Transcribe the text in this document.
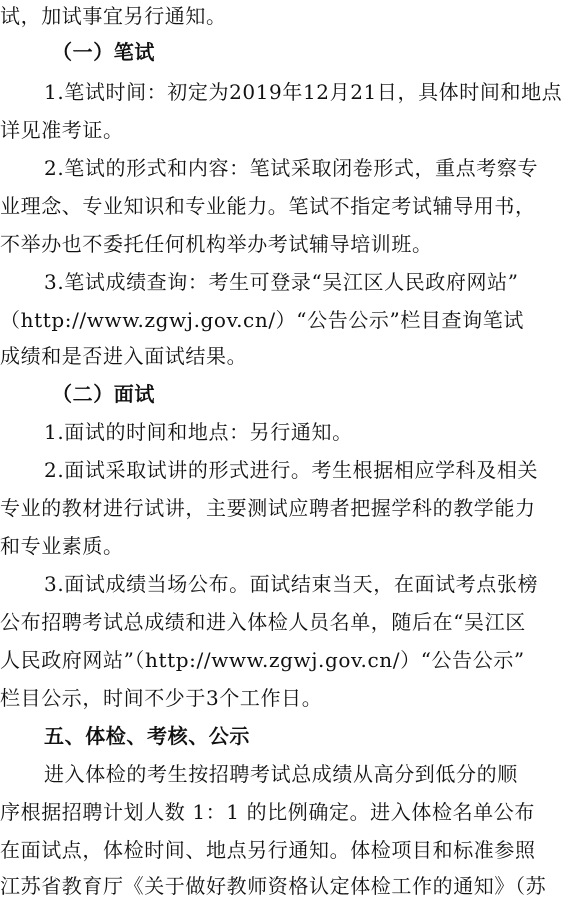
试，加试事宜另行通知。
（一）笔试
1.笔试时间：初定为2019年12月21日，具体时间和地点
详见准考证。
2.笔试的形式和内容：笔试采取闭卷形式，重点考察专
业理念、专业知识和专业能力。笔试不指定考试辅导用书，
不举办也不委托任何机构举办考试辅导培训班。
3.笔试成绩查询：考生可登录“吴江区人民政府网站”
（http://www.zgwj.gov.cn/）“公告公示”栏目查询笔试
成绩和是否进入面试结果。
（二）面试
1.面试的时间和地点：另行通知。
2.面试采取试讲的形式进行。考生根据相应学科及相关
专业的教材进行试讲，主要测试应聘者把握学科的教学能力
和专业素质。
3.面试成绩当场公布。面试结束当天，在面试考点张榜
公布招聘考试总成绩和进入体检人员名单，随后在“吴江区
人民政府网站”（http://www.zgwj.gov.cn/）“公告公示”
栏目公示，时间不少于3个工作日。
五、体检、考核、公示
进入体检的考生按招聘考试总成绩从高分到低分的顺
序根据招聘计划人数 1：1 的比例确定。进入体检名单公布
在面试点，体检时间、地点另行通知。体检项目和标准参照
江苏省教育厅《关于做好教师资格认定体检工作的通知》（苏
